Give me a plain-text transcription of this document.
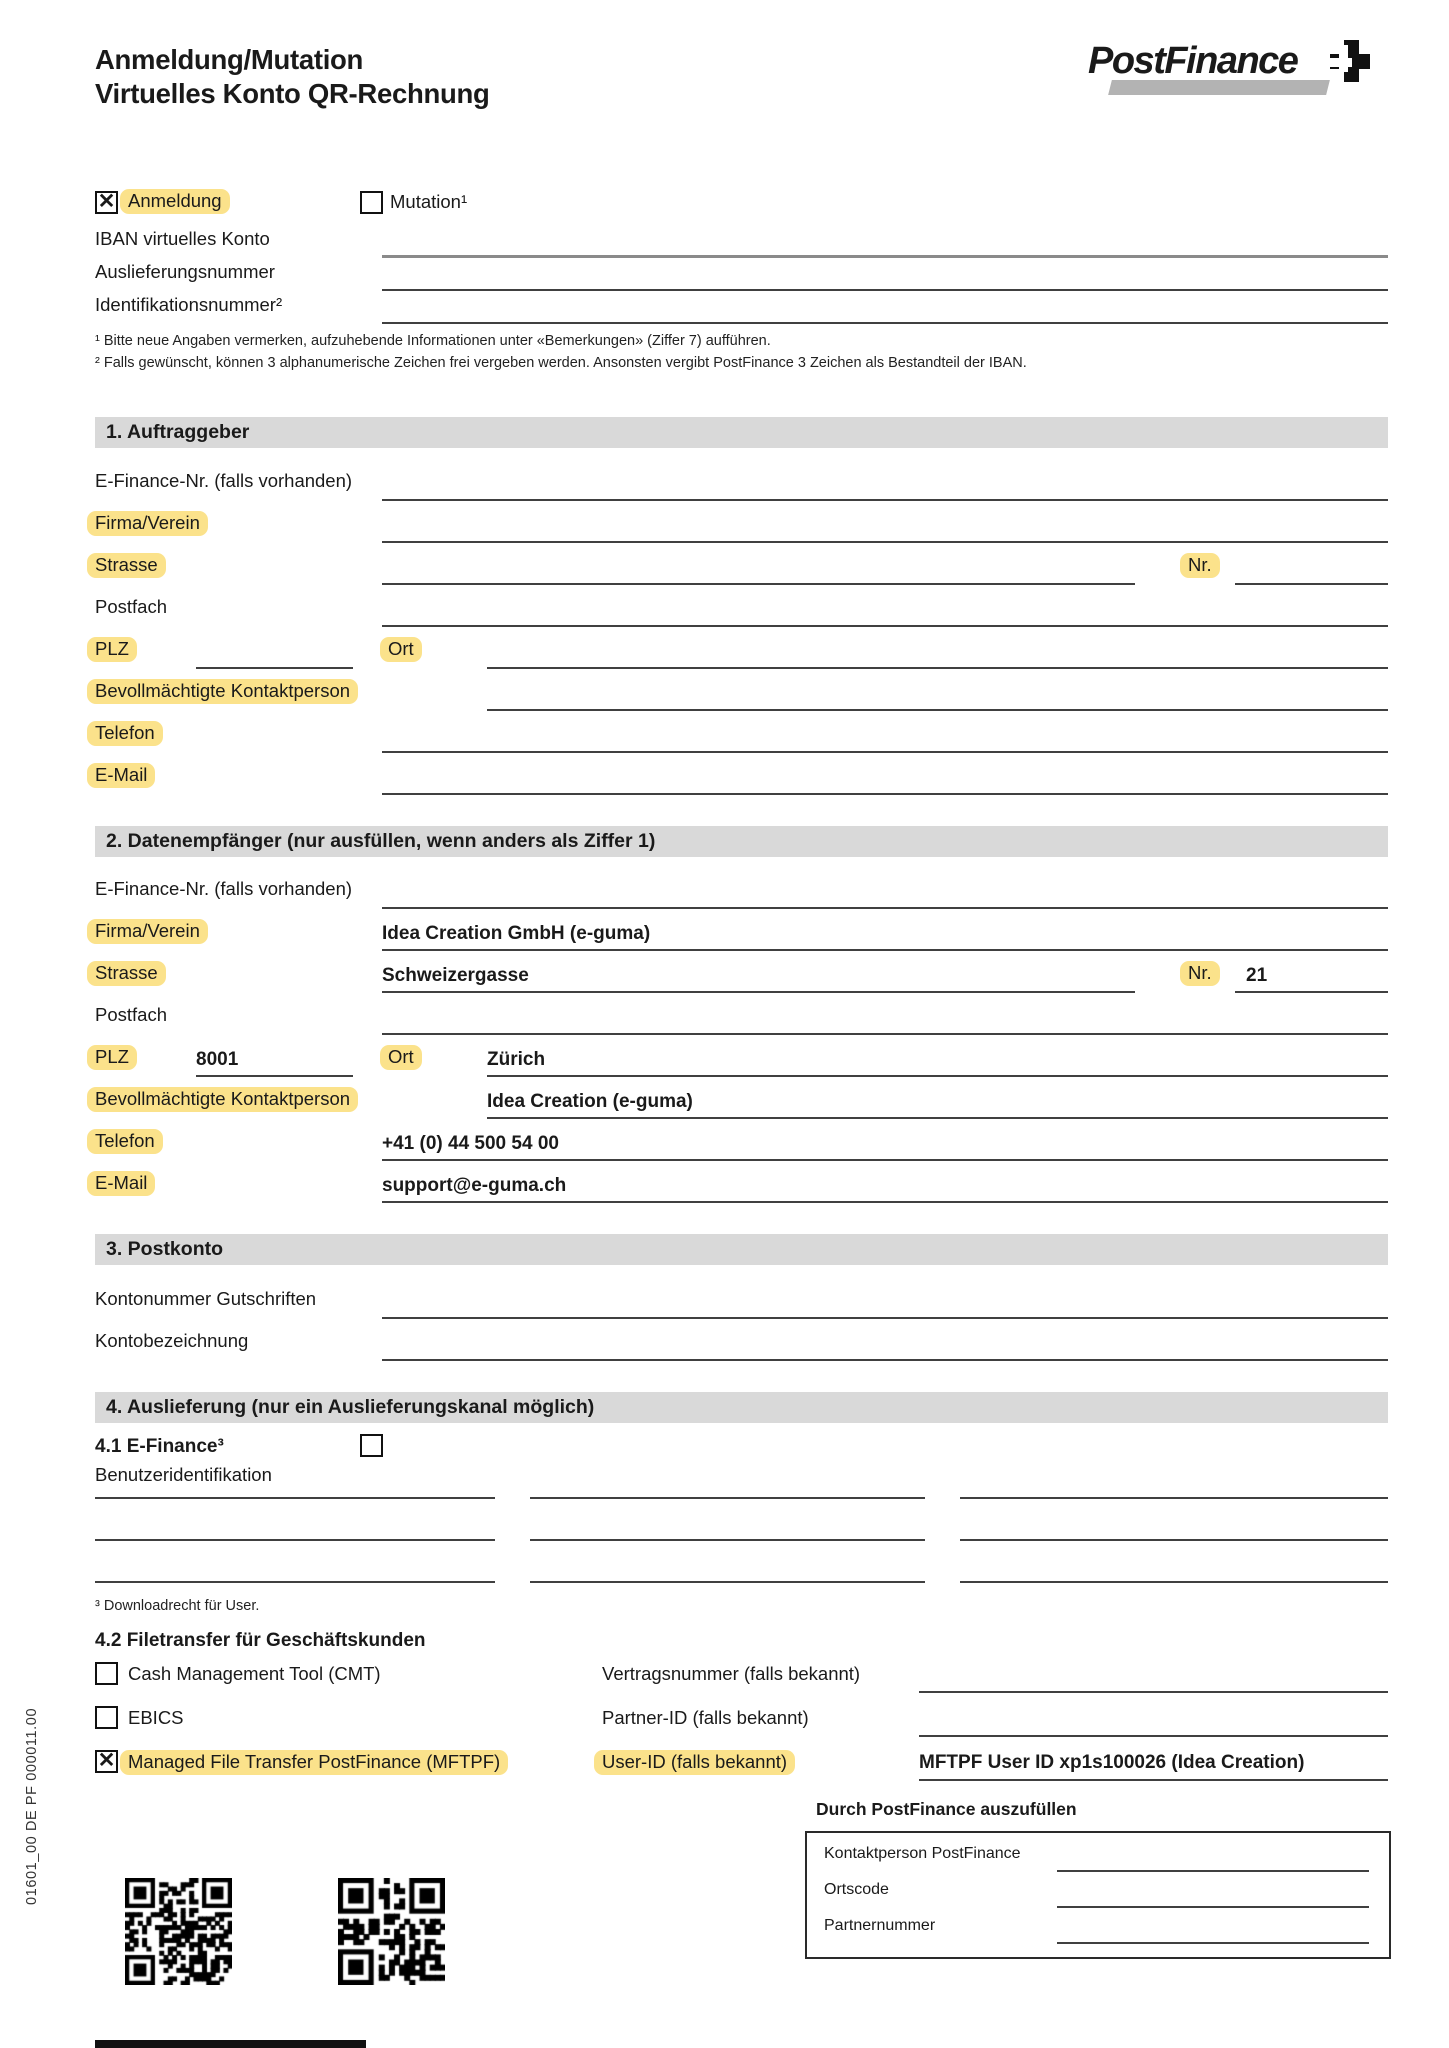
Anmeldung/Mutation
Virtuelles Konto QR-Rechnung
PostFinance
✕ Anmeldung	Mutation¹
IBAN virtuelles Konto
Auslieferungsnummer
Identifikationsnummer²
¹ Bitte neue Angaben vermerken, aufzuhebende Informationen unter «Bemerkungen» (Ziffer 7) aufführen.
² Falls gewünscht, können 3 alphanumerische Zeichen frei vergeben werden. Ansonsten vergibt PostFinance 3 Zeichen als Bestandteil der IBAN.
1. Auftraggeber
E-Finance-Nr. (falls vorhanden)
Firma/Verein
Strasse	Nr.
Postfach
PLZ	Ort
Bevollmächtigte Kontaktperson
Telefon
E-Mail
2. Datenempfänger (nur ausfüllen, wenn anders als Ziffer 1)
E-Finance-Nr. (falls vorhanden)
Firma/Verein	Idea Creation GmbH (e-guma)
Strasse	Schweizergasse	Nr.	21
Postfach
PLZ	8001	Ort	Zürich
Bevollmächtigte Kontaktperson	Idea Creation (e-guma)
Telefon	+41 (0) 44 500 54 00
E-Mail	support@e-guma.ch
3. Postkonto
Kontonummer Gutschriften
Kontobezeichnung
4. Auslieferung (nur ein Auslieferungskanal möglich)
4.1 E-Finance³
Benutzeridentifikation
³ Downloadrecht für User.
4.2 Filetransfer für Geschäftskunden
Cash Management Tool (CMT)	Vertragsnummer (falls bekannt)
EBICS	Partner-ID (falls bekannt)
✕ Managed File Transfer PostFinance (MFTPF)	User-ID (falls bekannt)	MFTPF User ID xp1s100026 (Idea Creation)
Durch PostFinance auszufüllen
Kontaktperson PostFinance
Ortscode
Partnernummer
01601_00 DE PF 000011.00
